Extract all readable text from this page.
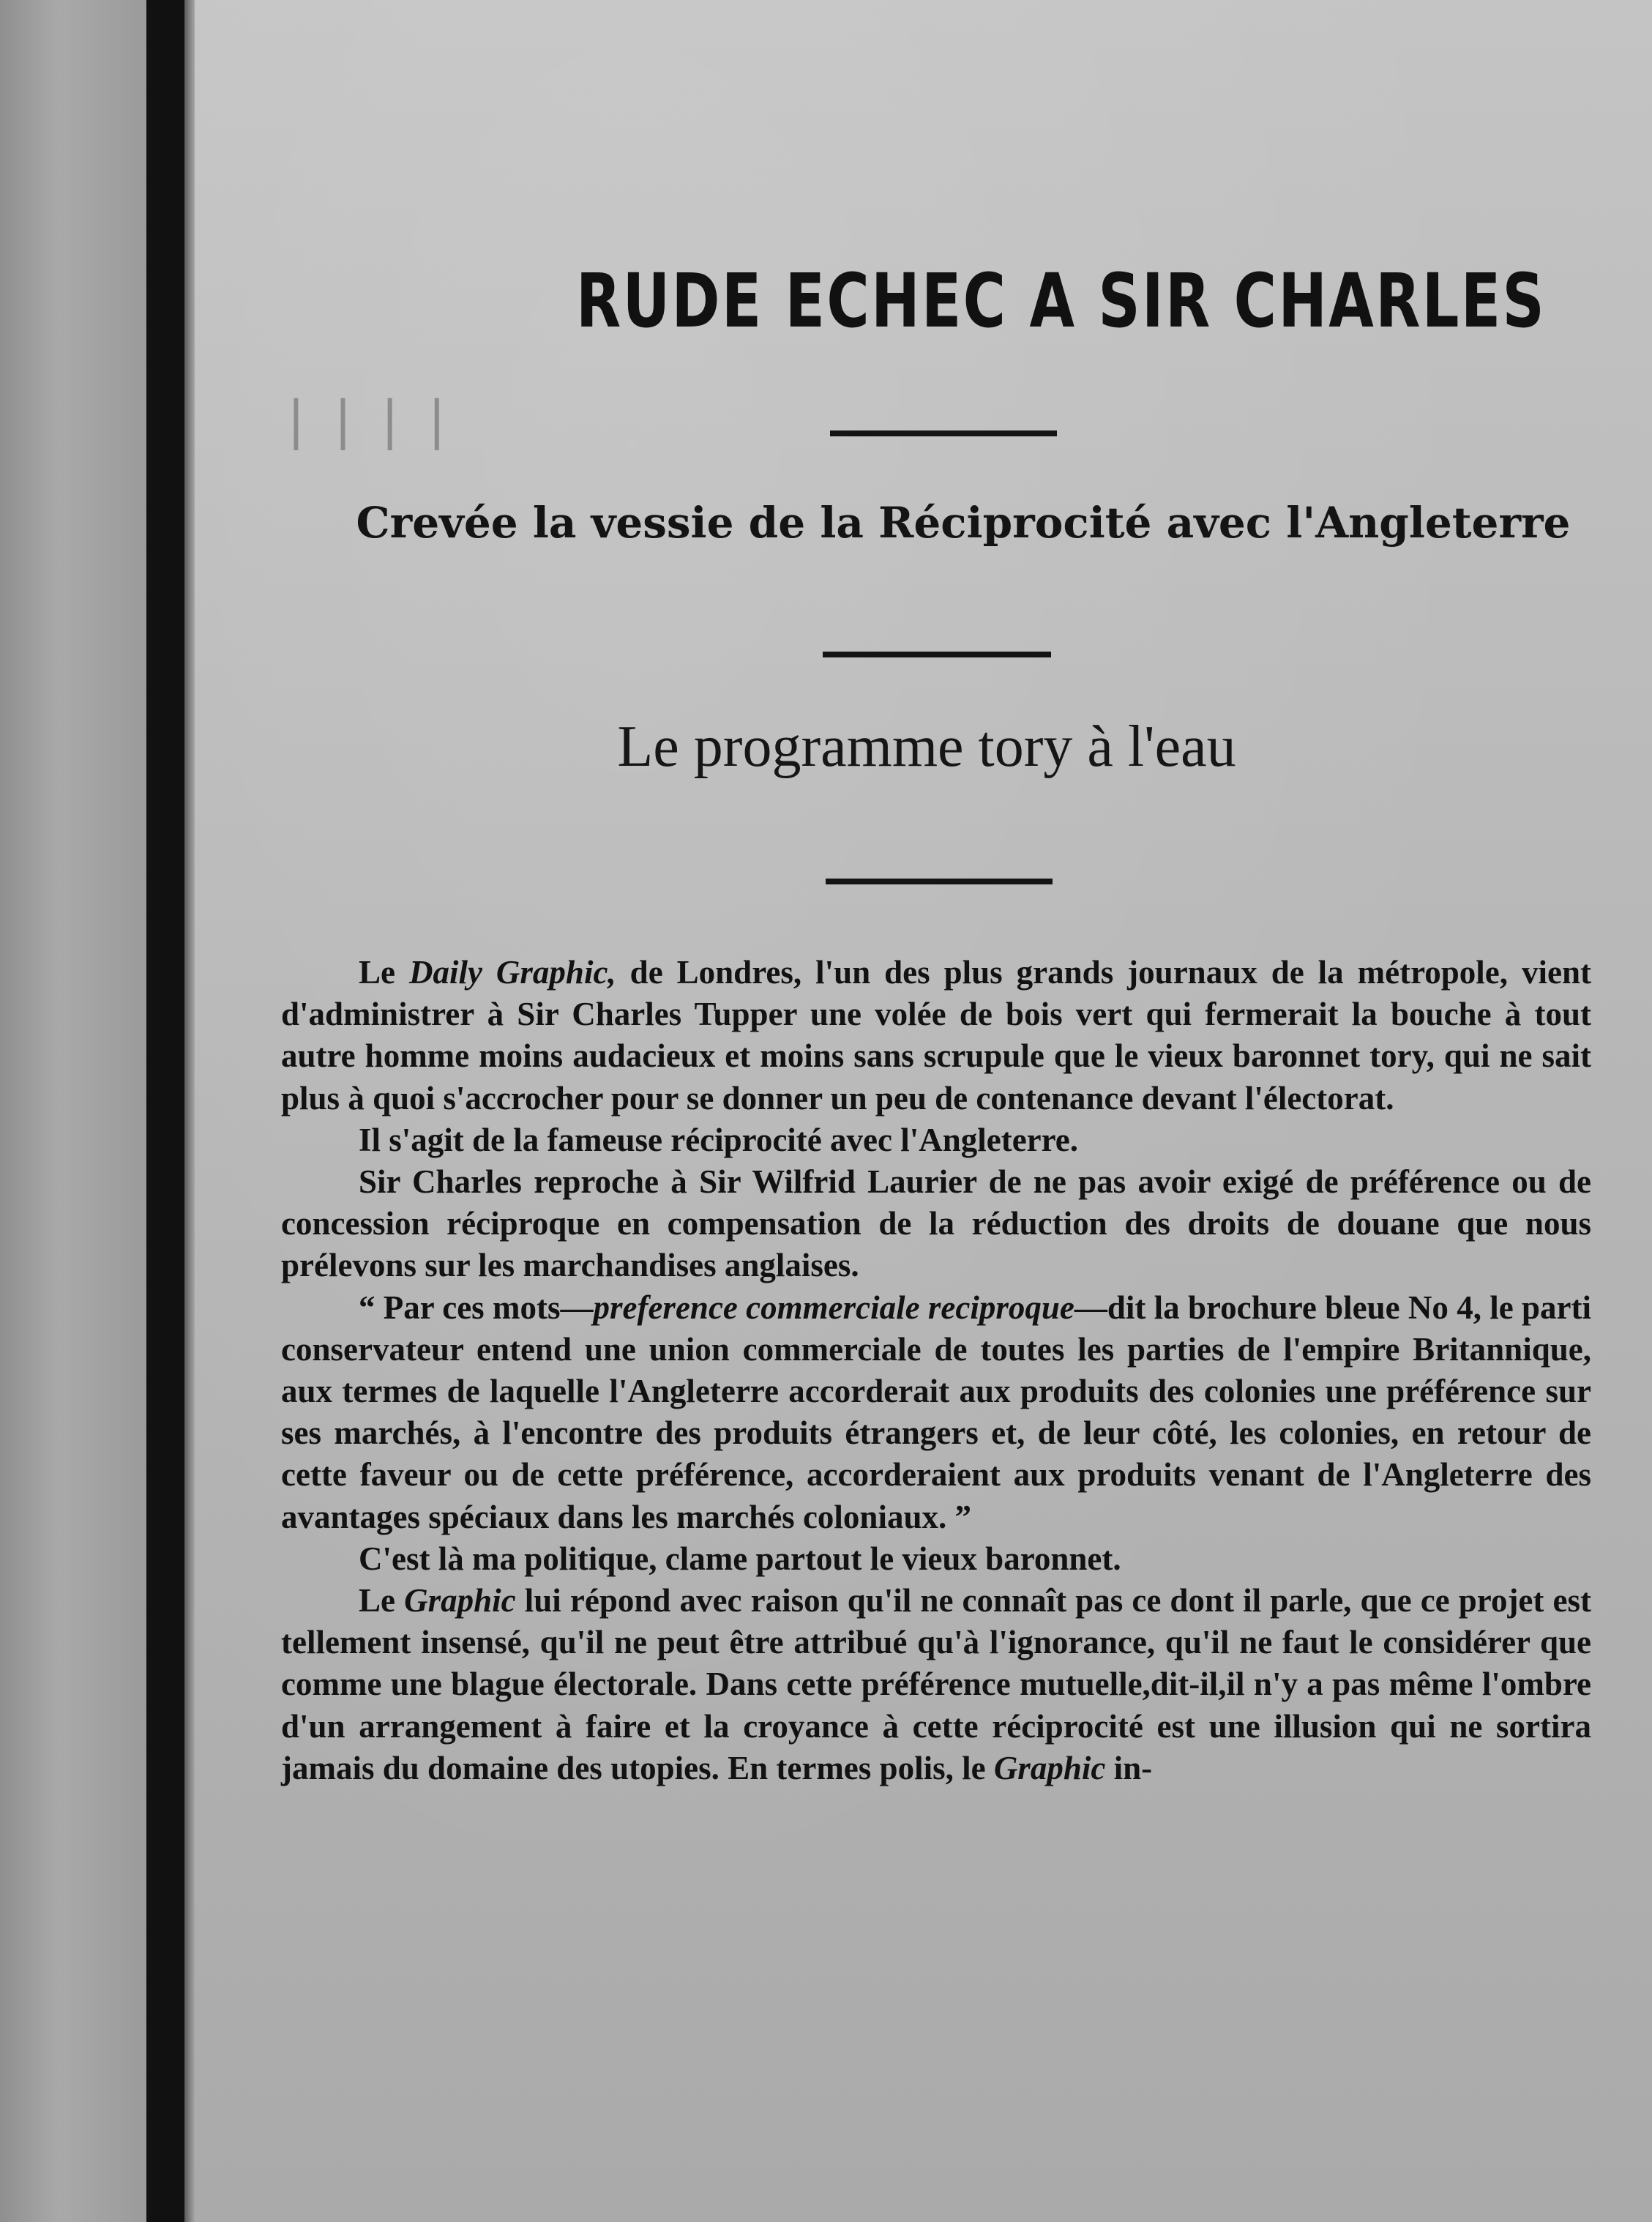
▏▏▏▏
RUDE ECHEC A SIR CHARLES
Crevée la vessie de la Réciprocité avec l'Angleterre
Le programme tory à l'eau

Le Daily Graphic, de Londres, l'un des plus grands journaux de la métropole, vient d'administrer à Sir Charles Tupper une volée de bois vert qui fermerait la bouche à tout autre homme moins audacieux et moins sans scrupule que le vieux baronnet tory, qui ne sait plus à quoi s'accrocher pour se donner un peu de contenance devant l'électorat.

Il s'agit de la fameuse réciprocité avec l'Angleterre.

Sir Charles reproche à Sir Wilfrid Laurier de ne pas avoir exigé de préférence ou de concession réciproque en compensation de la réduction des droits de douane que nous prélevons sur les marchandises anglaises.

“ Par ces mots—preference commerciale reciproque—dit la brochure bleue No 4, le parti conservateur entend une union commerciale de toutes les parties de l'empire Britannique, aux termes de laquelle l'Angleterre accorderait aux produits des colonies une préférence sur ses marchés, à l'encontre des produits étrangers et, de leur côté, les colonies, en retour de cette faveur ou de cette préférence, accorderaient aux produits venant de l'Angleterre des avantages spéciaux dans les marchés coloniaux. ”

C'est là ma politique, clame partout le vieux baronnet.

Le Graphic lui répond avec raison qu'il ne connaît pas ce dont il parle, que ce projet est tellement insensé, qu'il ne peut être attribué qu'à l'ignorance, qu'il ne faut le considérer que comme une blague électorale. Dans cette préférence mutuelle,dit-il,il n'y a pas même l'ombre d'un arrangement à faire et la croyance à cette réciprocité est une illusion qui ne sortira jamais du domaine des utopies. En termes polis, le Graphic in-
